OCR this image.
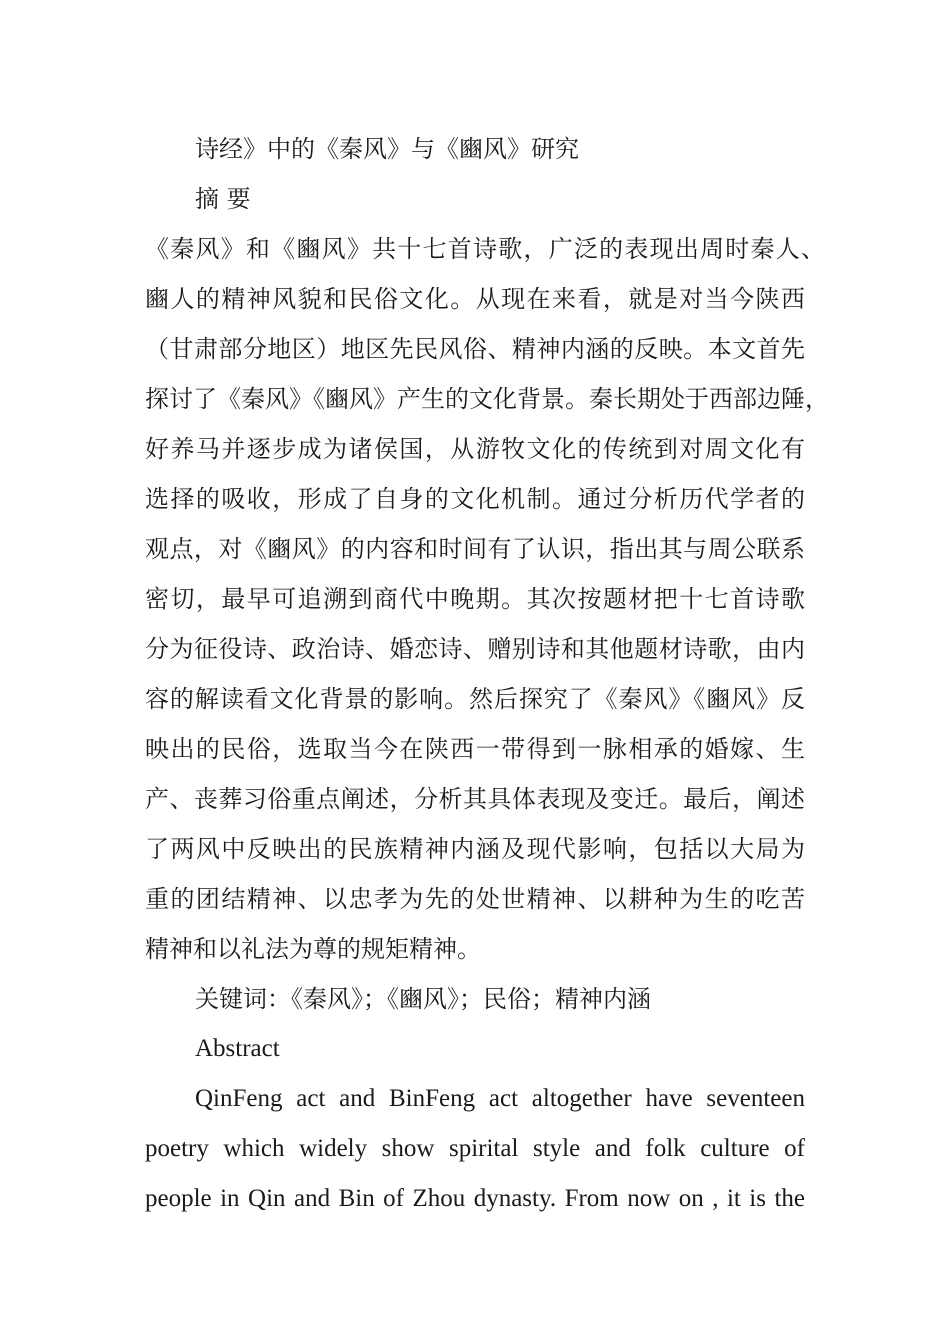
诗经》中的《秦风》与《豳风》研究

摘 要

《秦风》和《豳风》共十七首诗歌，广泛的表现出周时秦人、

豳人的精神风貌和民俗文化。从现在来看，就是对当今陕西

（甘肃部分地区）地区先民风俗、精神内涵的反映。本文首先

探讨了《秦风》《豳风》产生的文化背景。秦长期处于西部边陲，

好养马并逐步成为诸侯国，从游牧文化的传统到对周文化有

选择的吸收，形成了自身的文化机制。通过分析历代学者的

观点，对《豳风》的内容和时间有了认识，指出其与周公联系

密切，最早可追溯到商代中晚期。其次按题材把十七首诗歌

分为征役诗、政治诗、婚恋诗、赠别诗和其他题材诗歌，由内

容的解读看文化背景的影响。然后探究了《秦风》《豳风》反

映出的民俗，选取当今在陕西一带得到一脉相承的婚嫁、生

产、丧葬习俗重点阐述，分析其具体表现及变迁。最后，阐述

了两风中反映出的民族精神内涵及现代影响，包括以大局为

重的团结精神、以忠孝为先的处世精神、以耕种为生的吃苦

精神和以礼法为尊的规矩精神。

关键词：《秦风》；《豳风》；民俗；精神内涵

Abstract

QinFeng act and BinFeng act altogether have seventeen

poetry which widely show spirital style and folk culture of

people in Qin and Bin of Zhou dynasty. From now on , it is the
